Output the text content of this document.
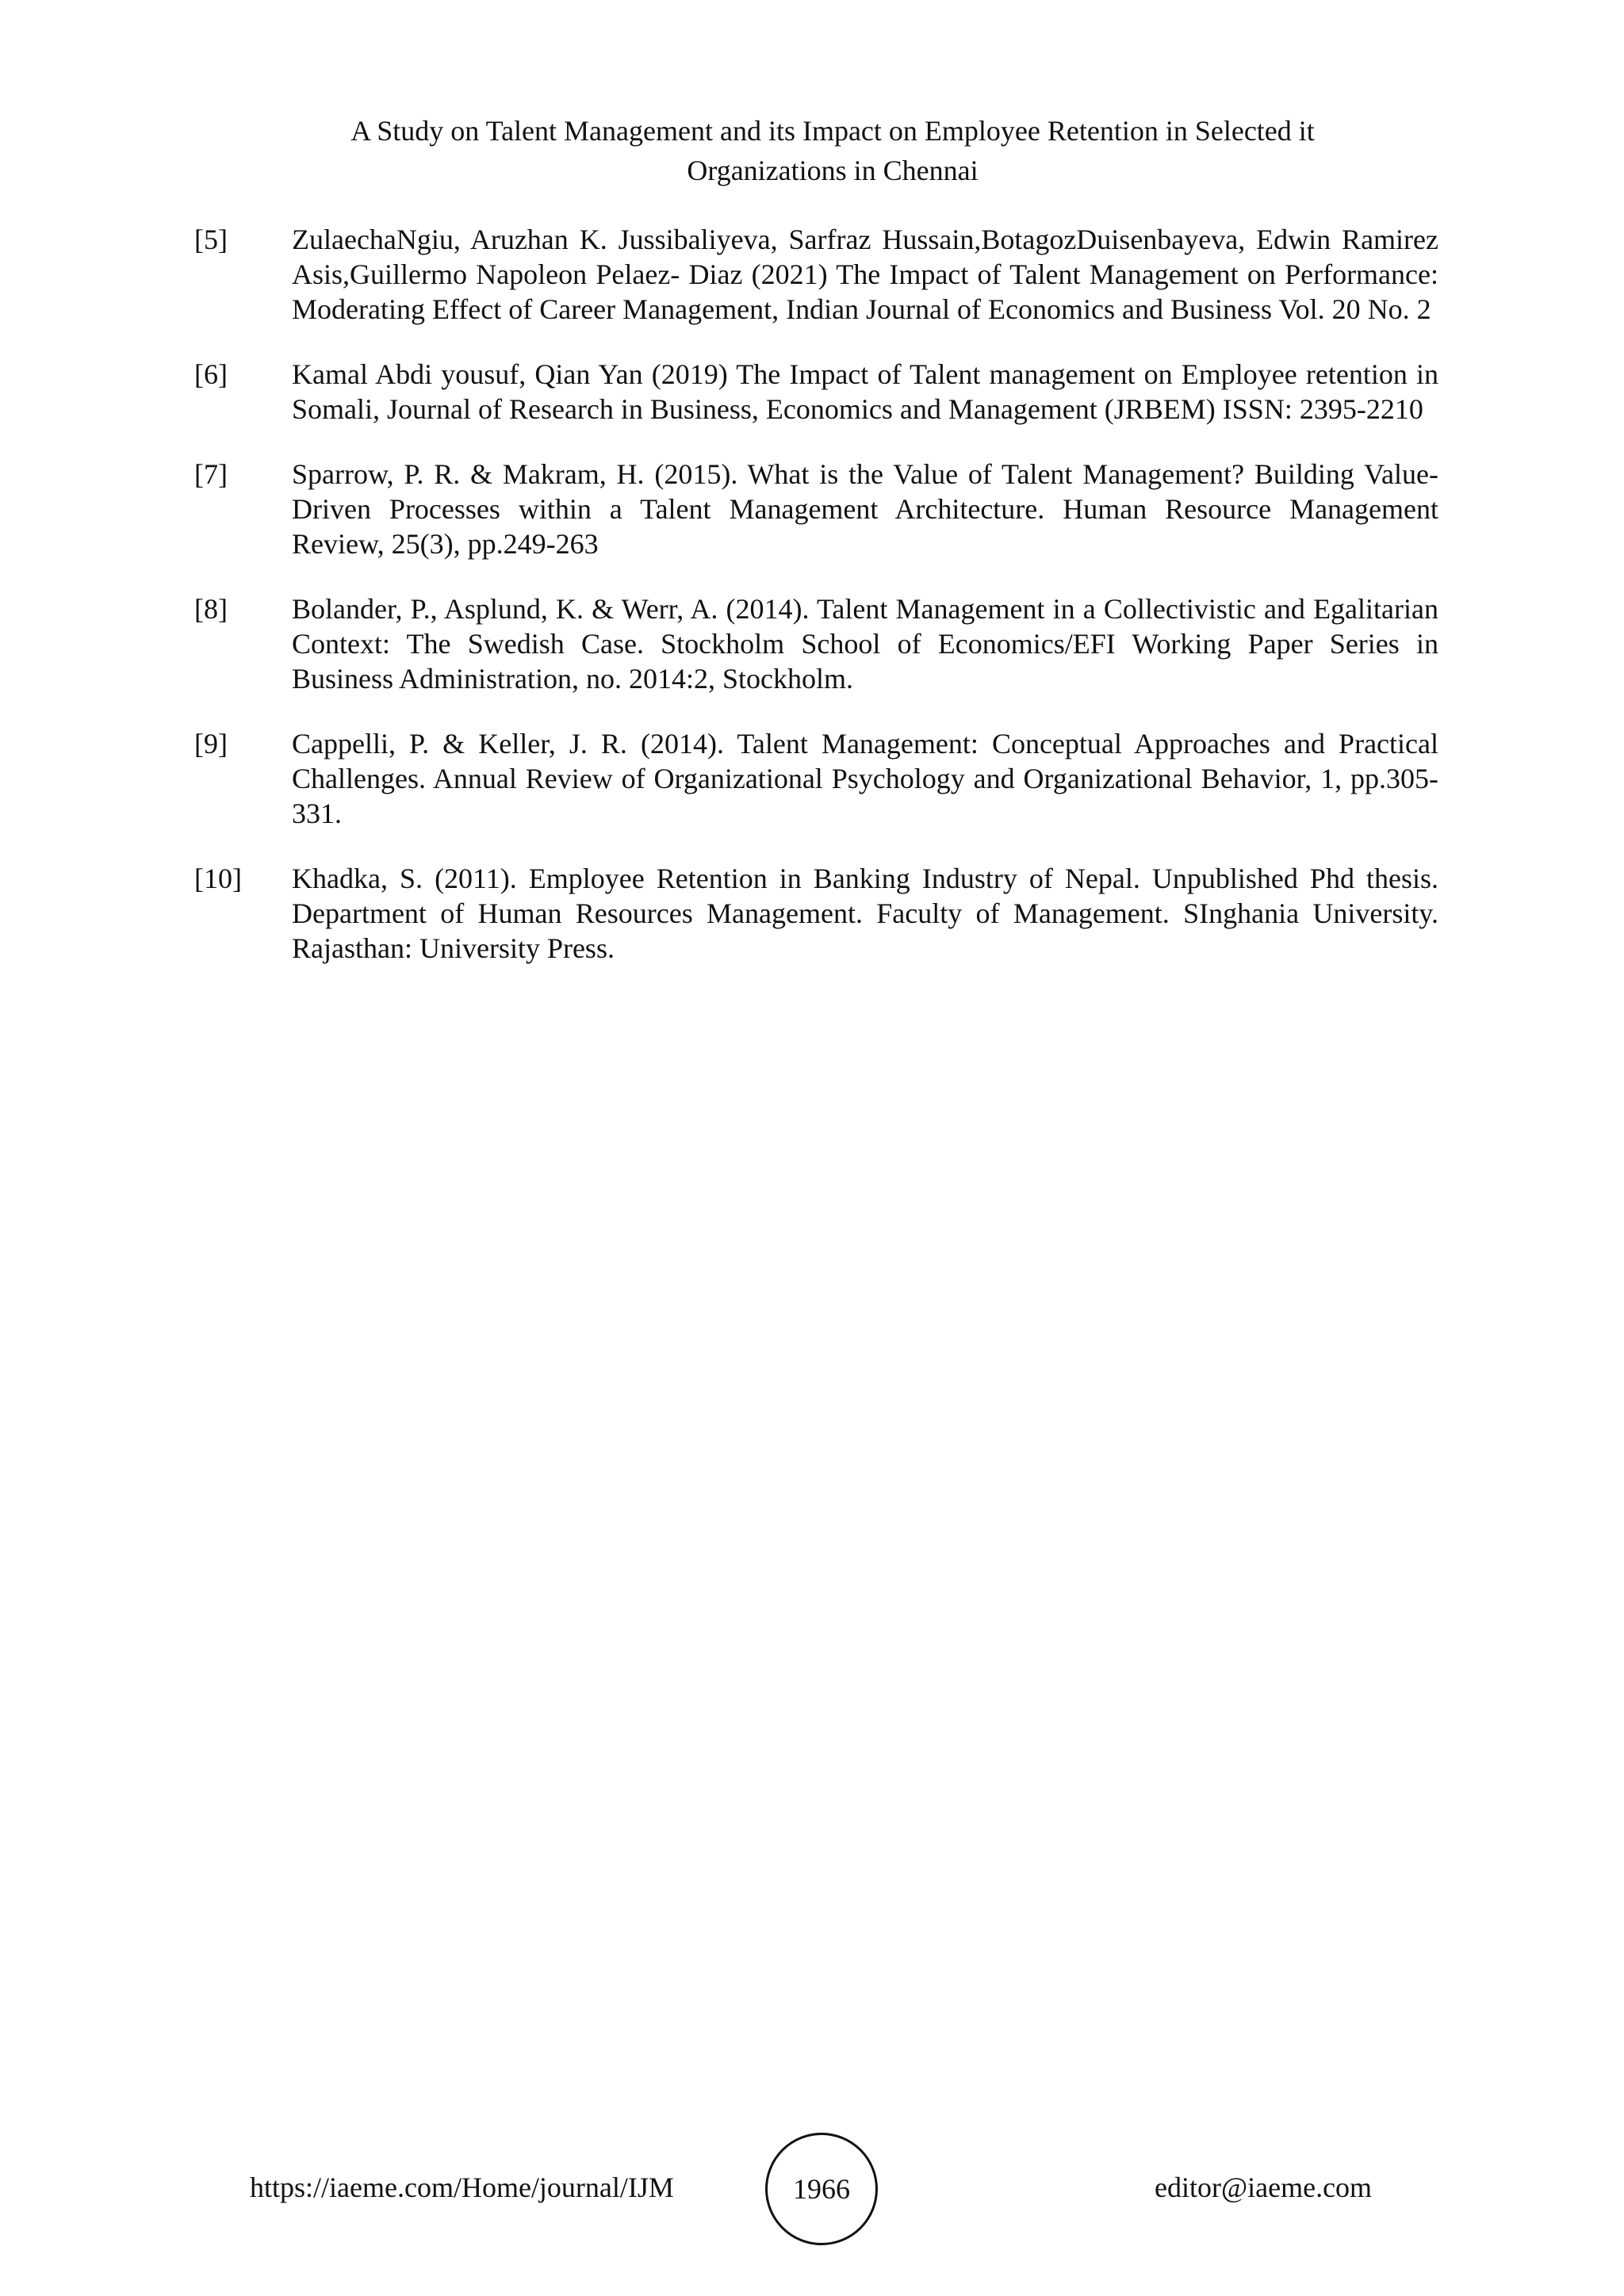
A Study on Talent Management and its Impact on Employee Retention in Selected it
Organizations in Chennai
[5] ZulaechaNgiu, Aruzhan K. Jussibaliyeva, Sarfraz Hussain,BotagozDuisenbayeva, Edwin Ramirez Asis,Guillermo Napoleon Pelaez- Diaz (2021) The Impact of Talent Management on Performance: Moderating Effect of Career Management, Indian Journal of Economics and Business Vol. 20 No. 2
[6] Kamal Abdi yousuf, Qian Yan (2019) The Impact of Talent management on Employee retention in Somali, Journal of Research in Business, Economics and Management (JRBEM) ISSN: 2395-2210
[7] Sparrow, P. R. & Makram, H. (2015). What is the Value of Talent Management? Building Value-Driven Processes within a Talent Management Architecture. Human Resource Management Review, 25(3), pp.249-263
[8] Bolander, P., Asplund, K. & Werr, A. (2014). Talent Management in a Collectivistic and Egalitarian Context: The Swedish Case. Stockholm School of Economics/EFI Working Paper Series in Business Administration, no. 2014:2, Stockholm.
[9] Cappelli, P. & Keller, J. R. (2014). Talent Management: Conceptual Approaches and Practical Challenges. Annual Review of Organizational Psychology and Organizational Behavior, 1, pp.305-331.
[10] Khadka, S. (2011). Employee Retention in Banking Industry of Nepal. Unpublished Phd thesis. Department of Human Resources Management. Faculty of Management. SInghania University. Rajasthan: University Press.
https://iaeme.com/Home/journal/IJM	1966	editor@iaeme.com
